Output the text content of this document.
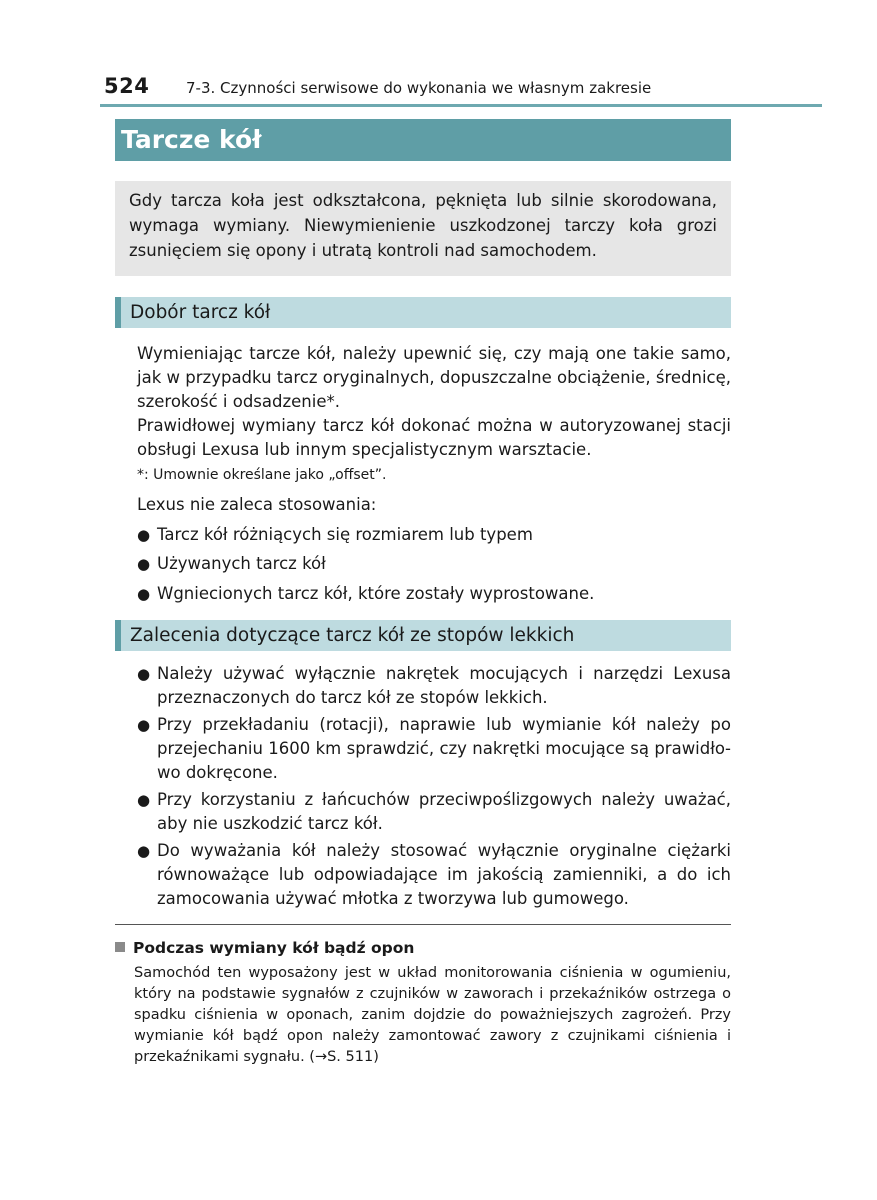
524 7-3. Czynności serwisowe do wykonania we własnym zakresie
Tarcze kół
Gdy tarcza koła jest odkształcona, pęknięta lub silnie skorodowana, wymaga wymiany. Niewymienienie uszkodzonej tarczy koła grozi zsunięciem się opony i utratą kontroli nad samochodem.
Dobór tarcz kół
Wymieniając tarcze kół, należy upewnić się, czy mają one takie samo, jak w przypadku tarcz oryginalnych, dopuszczalne obciążenie, średnicę, szerokość i odsadzenie*.
Prawidłowej wymiany tarcz kół dokonać można w autoryzowanej stacji obsługi Lexusa lub innym specjalistycznym warsztacie.
*: Umownie określane jako „offset”.
Lexus nie zaleca stosowania:
● Tarcz kół różniących się rozmiarem lub typem
● Używanych tarcz kół
● Wgniecionych tarcz kół, które zostały wyprostowane.
Zalecenia dotyczące tarcz kół ze stopów lekkich
● Należy używać wyłącznie nakrętek mocujących i narzędzi Lexusa przeznaczonych do tarcz kół ze stopów lekkich.
● Przy przekładaniu (rotacji), naprawie lub wymianie kół należy po przejechaniu 1600 km sprawdzić, czy nakrętki mocujące są prawidłowo dokręcone.
● Przy korzystaniu z łańcuchów przeciwpoślizgowych należy uważać, aby nie uszkodzić tarcz kół.
● Do wyważania kół należy stosować wyłącznie oryginalne ciężarki równoważące lub odpowiadające im jakością zamienniki, a do ich zamocowania używać młotka z tworzywa lub gumowego.
Podczas wymiany kół bądź opon
Samochód ten wyposażony jest w układ monitorowania ciśnienia w ogumieniu, który na podstawie sygnałów z czujników w zaworach i przekaźników ostrzega o spadku ciśnienia w oponach, zanim dojdzie do poważniejszych zagrożeń. Przy wymianie kół bądź opon należy zamontować zawory z czujnikami ciśnienia i przekaźnikami sygnału. (→S. 511)
